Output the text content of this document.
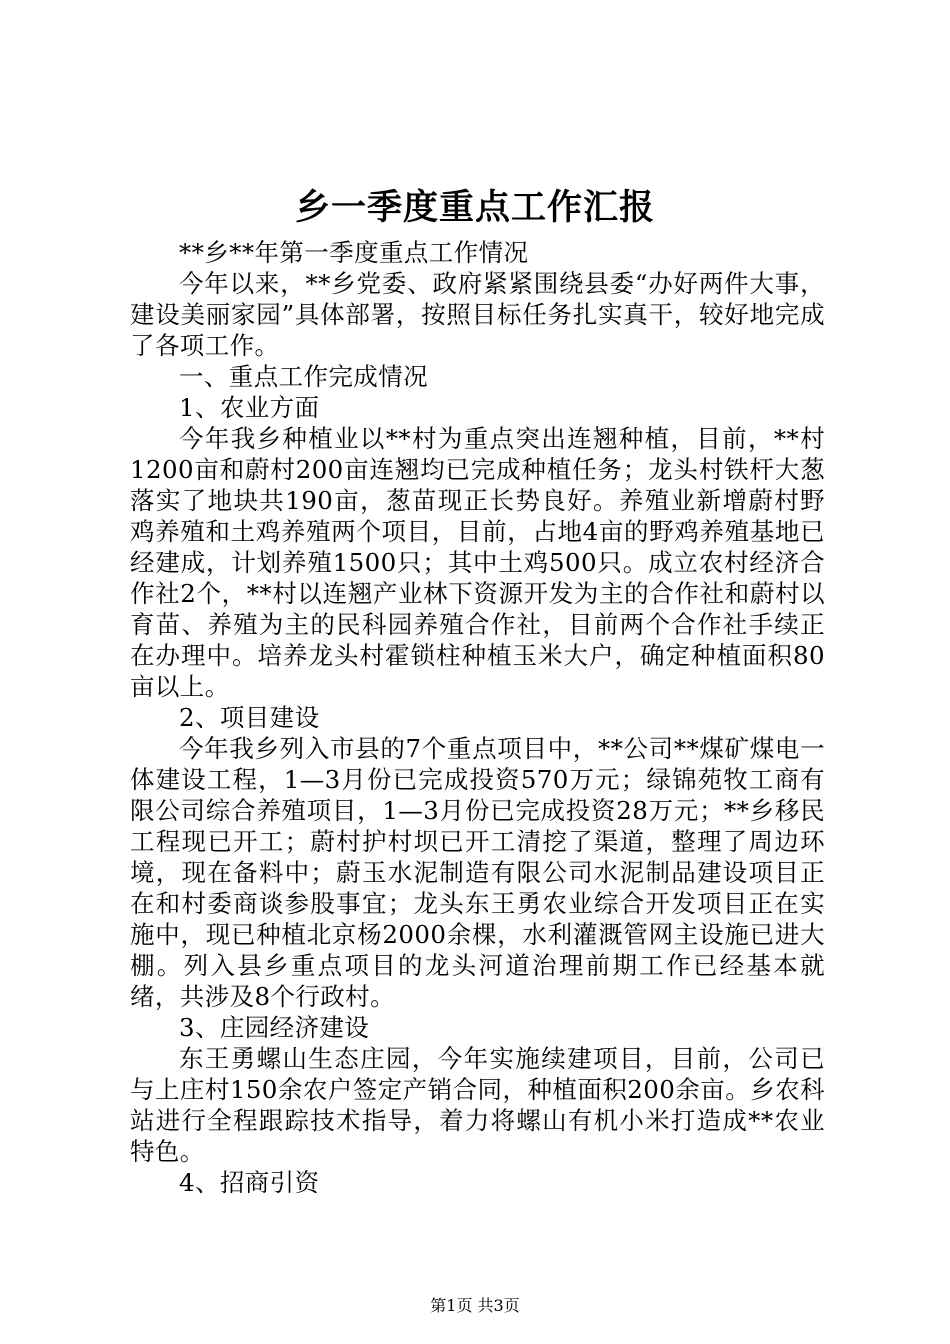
乡一季度重点工作汇报

**乡**年第一季度重点工作情况

今年以来，**乡党委、政府紧紧围绕县委“办好两件大事，建设美丽家园”具体部署，按照目标任务扎实真干，较好地完成了各项工作。

一、重点工作完成情况

1、农业方面

今年我乡种植业以**村为重点突出连翘种植，目前，**村1200亩和蔚村200亩连翘均已完成种植任务；龙头村铁杆大葱落实了地块共190亩，葱苗现正长势良好。养殖业新增蔚村野鸡养殖和土鸡养殖两个项目，目前，占地4亩的野鸡养殖基地已经建成，计划养殖1500只；其中土鸡500只。成立农村经济合作社2个，**村以连翘产业林下资源开发为主的合作社和蔚村以育苗、养殖为主的民科园养殖合作社，目前两个合作社手续正在办理中。培养龙头村霍锁柱种植玉米大户，确定种植面积80亩以上。

2、项目建设

今年我乡列入市县的7个重点项目中，**公司**煤矿煤电一体建设工程，1—3月份已完成投资570万元；绿锦苑牧工商有限公司综合养殖项目，1—3月份已完成投资28万元；**乡移民工程现已开工；蔚村护村坝已开工清挖了渠道，整理了周边环境，现在备料中；蔚玉水泥制造有限公司水泥制品建设项目正在和村委商谈参股事宜；龙头东王勇农业综合开发项目正在实施中，现已种植北京杨2000余棵，水利灌溉管网主设施已进大棚。列入县乡重点项目的龙头河道治理前期工作已经基本就绪，共涉及8个行政村。

3、庄园经济建设

东王勇螺山生态庄园，今年实施续建项目，目前，公司已与上庄村150余农户签定产销合同，种植面积200余亩。乡农科站进行全程跟踪技术指导，着力将螺山有机小米打造成**农业特色。

4、招商引资

第1页 共3页
